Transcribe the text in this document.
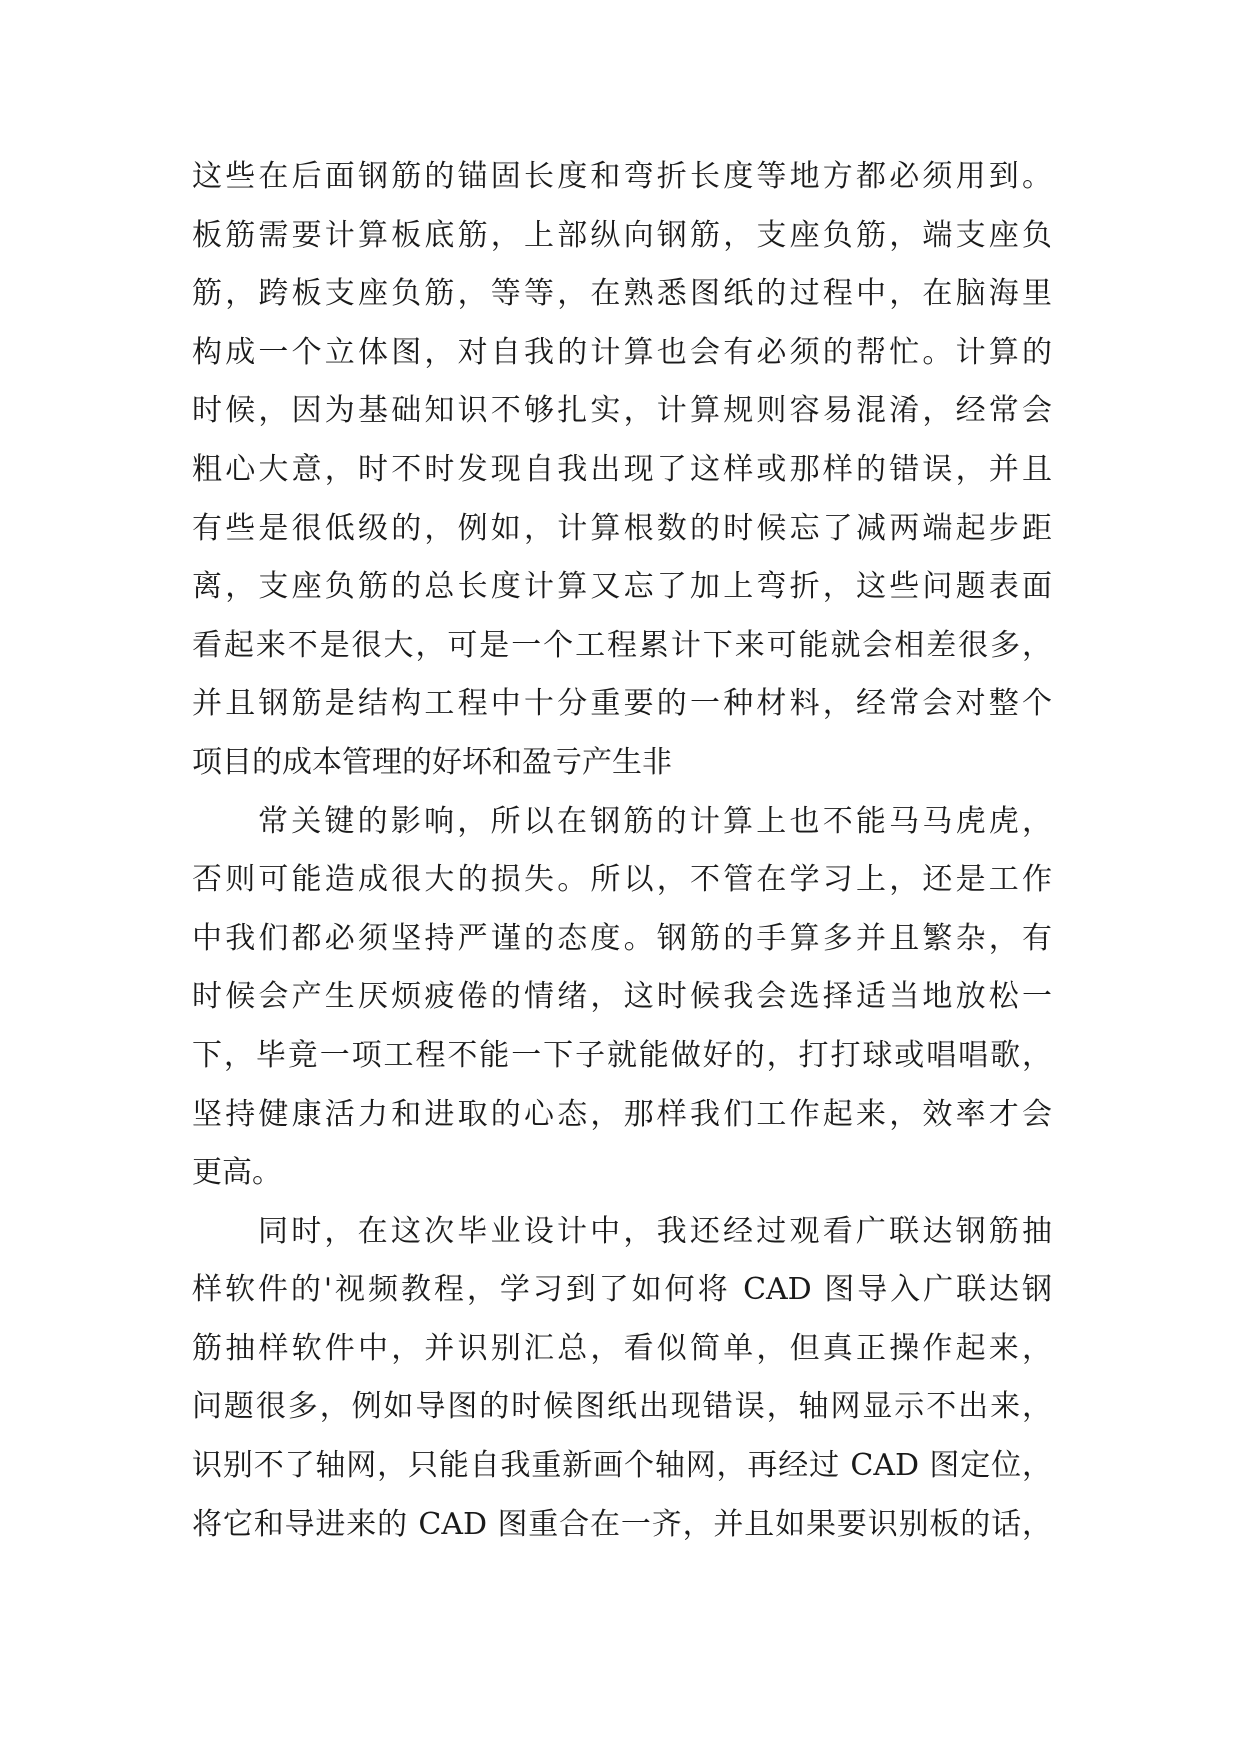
这些在后面钢筋的锚固长度和弯折长度等地方都必须用到。
板筋需要计算板底筋，上部纵向钢筋，支座负筋，端支座负
筋，跨板支座负筋，等等，在熟悉图纸的过程中，在脑海里
构成一个立体图，对自我的计算也会有必须的帮忙。计算的
时候，因为基础知识不够扎实，计算规则容易混淆，经常会
粗心大意，时不时发现自我出现了这样或那样的错误，并且
有些是很低级的，例如，计算根数的时候忘了减两端起步距
离，支座负筋的总长度计算又忘了加上弯折，这些问题表面
看起来不是很大，可是一个工程累计下来可能就会相差很多，
并且钢筋是结构工程中十分重要的一种材料，经常会对整个
项目的成本管理的好坏和盈亏产生非
常关键的影响，所以在钢筋的计算上也不能马马虎虎，
否则可能造成很大的损失。所以，不管在学习上，还是工作
中我们都必须坚持严谨的态度。钢筋的手算多并且繁杂，有
时候会产生厌烦疲倦的情绪，这时候我会选择适当地放松一
下，毕竟一项工程不能一下子就能做好的，打打球或唱唱歌，
坚持健康活力和进取的心态，那样我们工作起来，效率才会
更高。
同时，在这次毕业设计中，我还经过观看广联达钢筋抽
样软件的'视频教程，学习到了如何将 CAD 图导入广联达钢
筋抽样软件中，并识别汇总，看似简单，但真正操作起来，
问题很多，例如导图的时候图纸出现错误，轴网显示不出来，
识别不了轴网，只能自我重新画个轴网，再经过 CAD 图定位，
将它和导进来的 CAD 图重合在一齐，并且如果要识别板的话，
